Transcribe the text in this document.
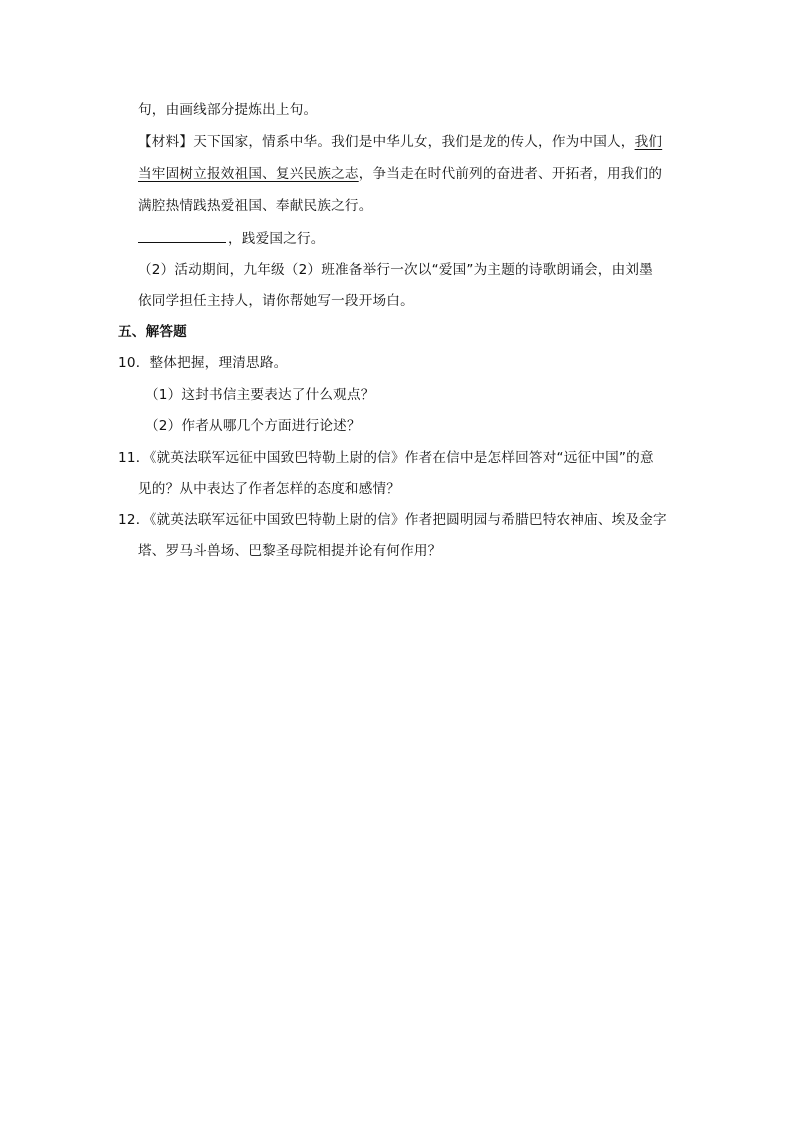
句，由画线部分提炼出上句。
【材料】天下国家，情系中华。我们是中华儿女，我们是龙的传人，作为中国人，我们
当牢固树立报效祖国、复兴民族之志，争当走在时代前列的奋进者、开拓者，用我们的
满腔热情践热爱祖国、奉献民族之行。
，践爱国之行。
（2）活动期间，九年级（2）班准备举行一次以“爱国”为主题的诗歌朗诵会，由刘墨
依同学担任主持人，请你帮她写一段开场白。
五、解答题
10．整体把握，理清思路。
（1）这封书信主要表达了什么观点？
（2）作者从哪几个方面进行论述？
11．《就英法联军远征中国致巴特勒上尉的信》作者在信中是怎样回答对“远征中国”的意
见的？从中表达了作者怎样的态度和感情？
12．《就英法联军远征中国致巴特勒上尉的信》作者把圆明园与希腊巴特农神庙、埃及金字
塔、罗马斗兽场、巴黎圣母院相提并论有何作用？
